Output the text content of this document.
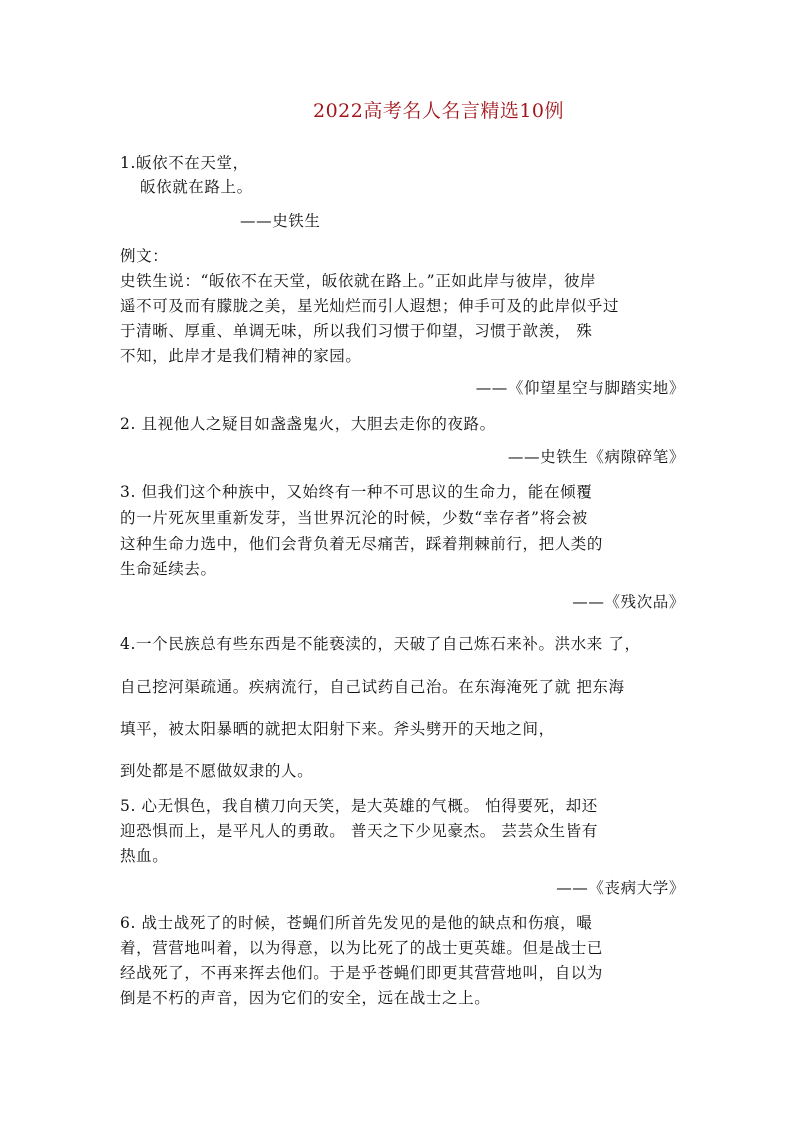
2022高考名人名言精选10例
1.皈依不在天堂，
皈依就在路上。
——史铁生
例文：
史铁生说：“皈依不在天堂，皈依就在路上。”正如此岸与彼岸，彼岸
遥不可及而有朦胧之美，星光灿烂而引人遐想；伸手可及的此岸似乎过
于清晰、厚重、单调无味，所以我们习惯于仰望，习惯于歆羡， 殊
不知，此岸才是我们精神的家园。
——《仰望星空与脚踏实地》
2. 且视他人之疑目如盏盏鬼火，大胆去走你的夜路。
——史铁生《病隙碎笔》
3. 但我们这个种族中，又始终有一种不可思议的生命力，能在倾覆
的一片死灰里重新发芽，当世界沉沦的时候，少数“幸存者”将会被
这种生命力选中，他们会背负着无尽痛苦，踩着荆棘前行，把人类的
生命延续去。
——《残次品》
4.一个民族总有些东西是不能亵渎的，天破了自己炼石来补。洪水来 了，
自己挖河渠疏通。疾病流行，自己试药自己治。在东海淹死了就 把东海
填平，被太阳暴晒的就把太阳射下来。斧头劈开的天地之间，
到处都是不愿做奴隶的人。
5. 心无惧色，我自横刀向天笑，是大英雄的气概。 怕得要死，却还
迎恐惧而上，是平凡人的勇敢。 普天之下少见豪杰。 芸芸众生皆有
热血。
——《丧病大学》
6. 战士战死了的时候，苍蝇们所首先发见的是他的缺点和伤痕，嘬
着，营营地叫着，以为得意，以为比死了的战士更英雄。但是战士已
经战死了，不再来挥去他们。于是乎苍蝇们即更其营营地叫，自以为
倒是不朽的声音，因为它们的安全，远在战士之上。
